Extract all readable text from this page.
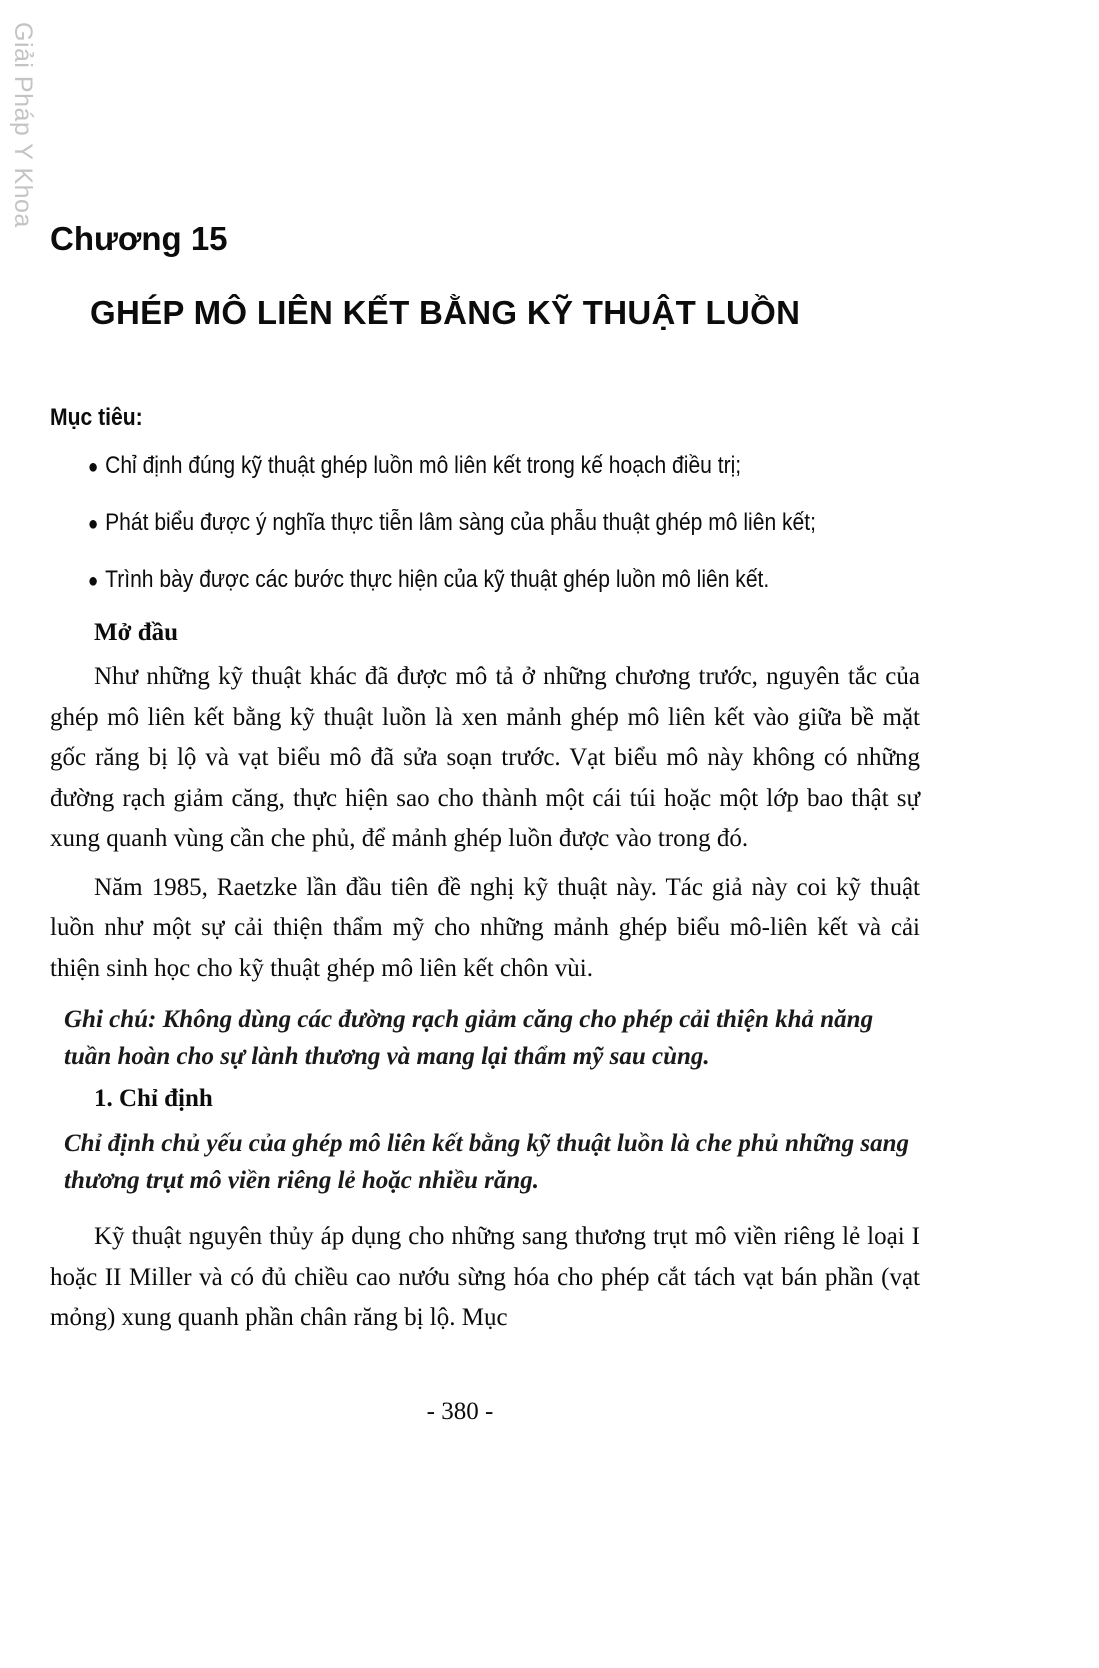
Giải Pháp Y Khoa
Chương 15
GHÉP MÔ LIÊN KẾT BẰNG KỸ THUẬT LUỒN
Mục tiêu:
● Chỉ định đúng kỹ thuật ghép luồn mô liên kết trong kế hoạch điều trị;
● Phát biểu được ý nghĩa thực tiễn lâm sàng của phẫu thuật ghép mô liên kết;
● Trình bày được các bước thực hiện của kỹ thuật ghép luồn mô liên kết.
Mở đầu

Như những kỹ thuật khác đã được mô tả ở những chương trước, nguyên tắc của ghép mô liên kết bằng kỹ thuật luồn là xen mảnh ghép mô liên kết vào giữa bề mặt gốc răng bị lộ và vạt biểu mô đã sửa soạn trước. Vạt biểu mô này không có những đường rạch giảm căng, thực hiện sao cho thành một cái túi hoặc một lớp bao thật sự xung quanh vùng cần che phủ, để mảnh ghép luồn được vào trong đó.

Năm 1985, Raetzke lần đầu tiên đề nghị kỹ thuật này. Tác giả này coi kỹ thuật luồn như một sự cải thiện thẩm mỹ cho những mảnh ghép biểu mô-liên kết và cải thiện sinh học cho kỹ thuật ghép mô liên kết chôn vùi.

Ghi chú: Không dùng các đường rạch giảm căng cho phép cải thiện khả năng tuần hoàn cho sự lành thương và mang lại thẩm mỹ sau cùng.
1. Chỉ định
Chỉ định chủ yếu của ghép mô liên kết bằng kỹ thuật luồn là che phủ những sang thương trụt mô viền riêng lẻ hoặc nhiều răng.

Kỹ thuật nguyên thủy áp dụng cho những sang thương trụt mô viền riêng lẻ loại I hoặc II Miller và có đủ chiều cao nướu sừng hóa cho phép cắt tách vạt bán phần (vạt mỏng) xung quanh phần chân răng bị lộ. Mục

- 380 -
